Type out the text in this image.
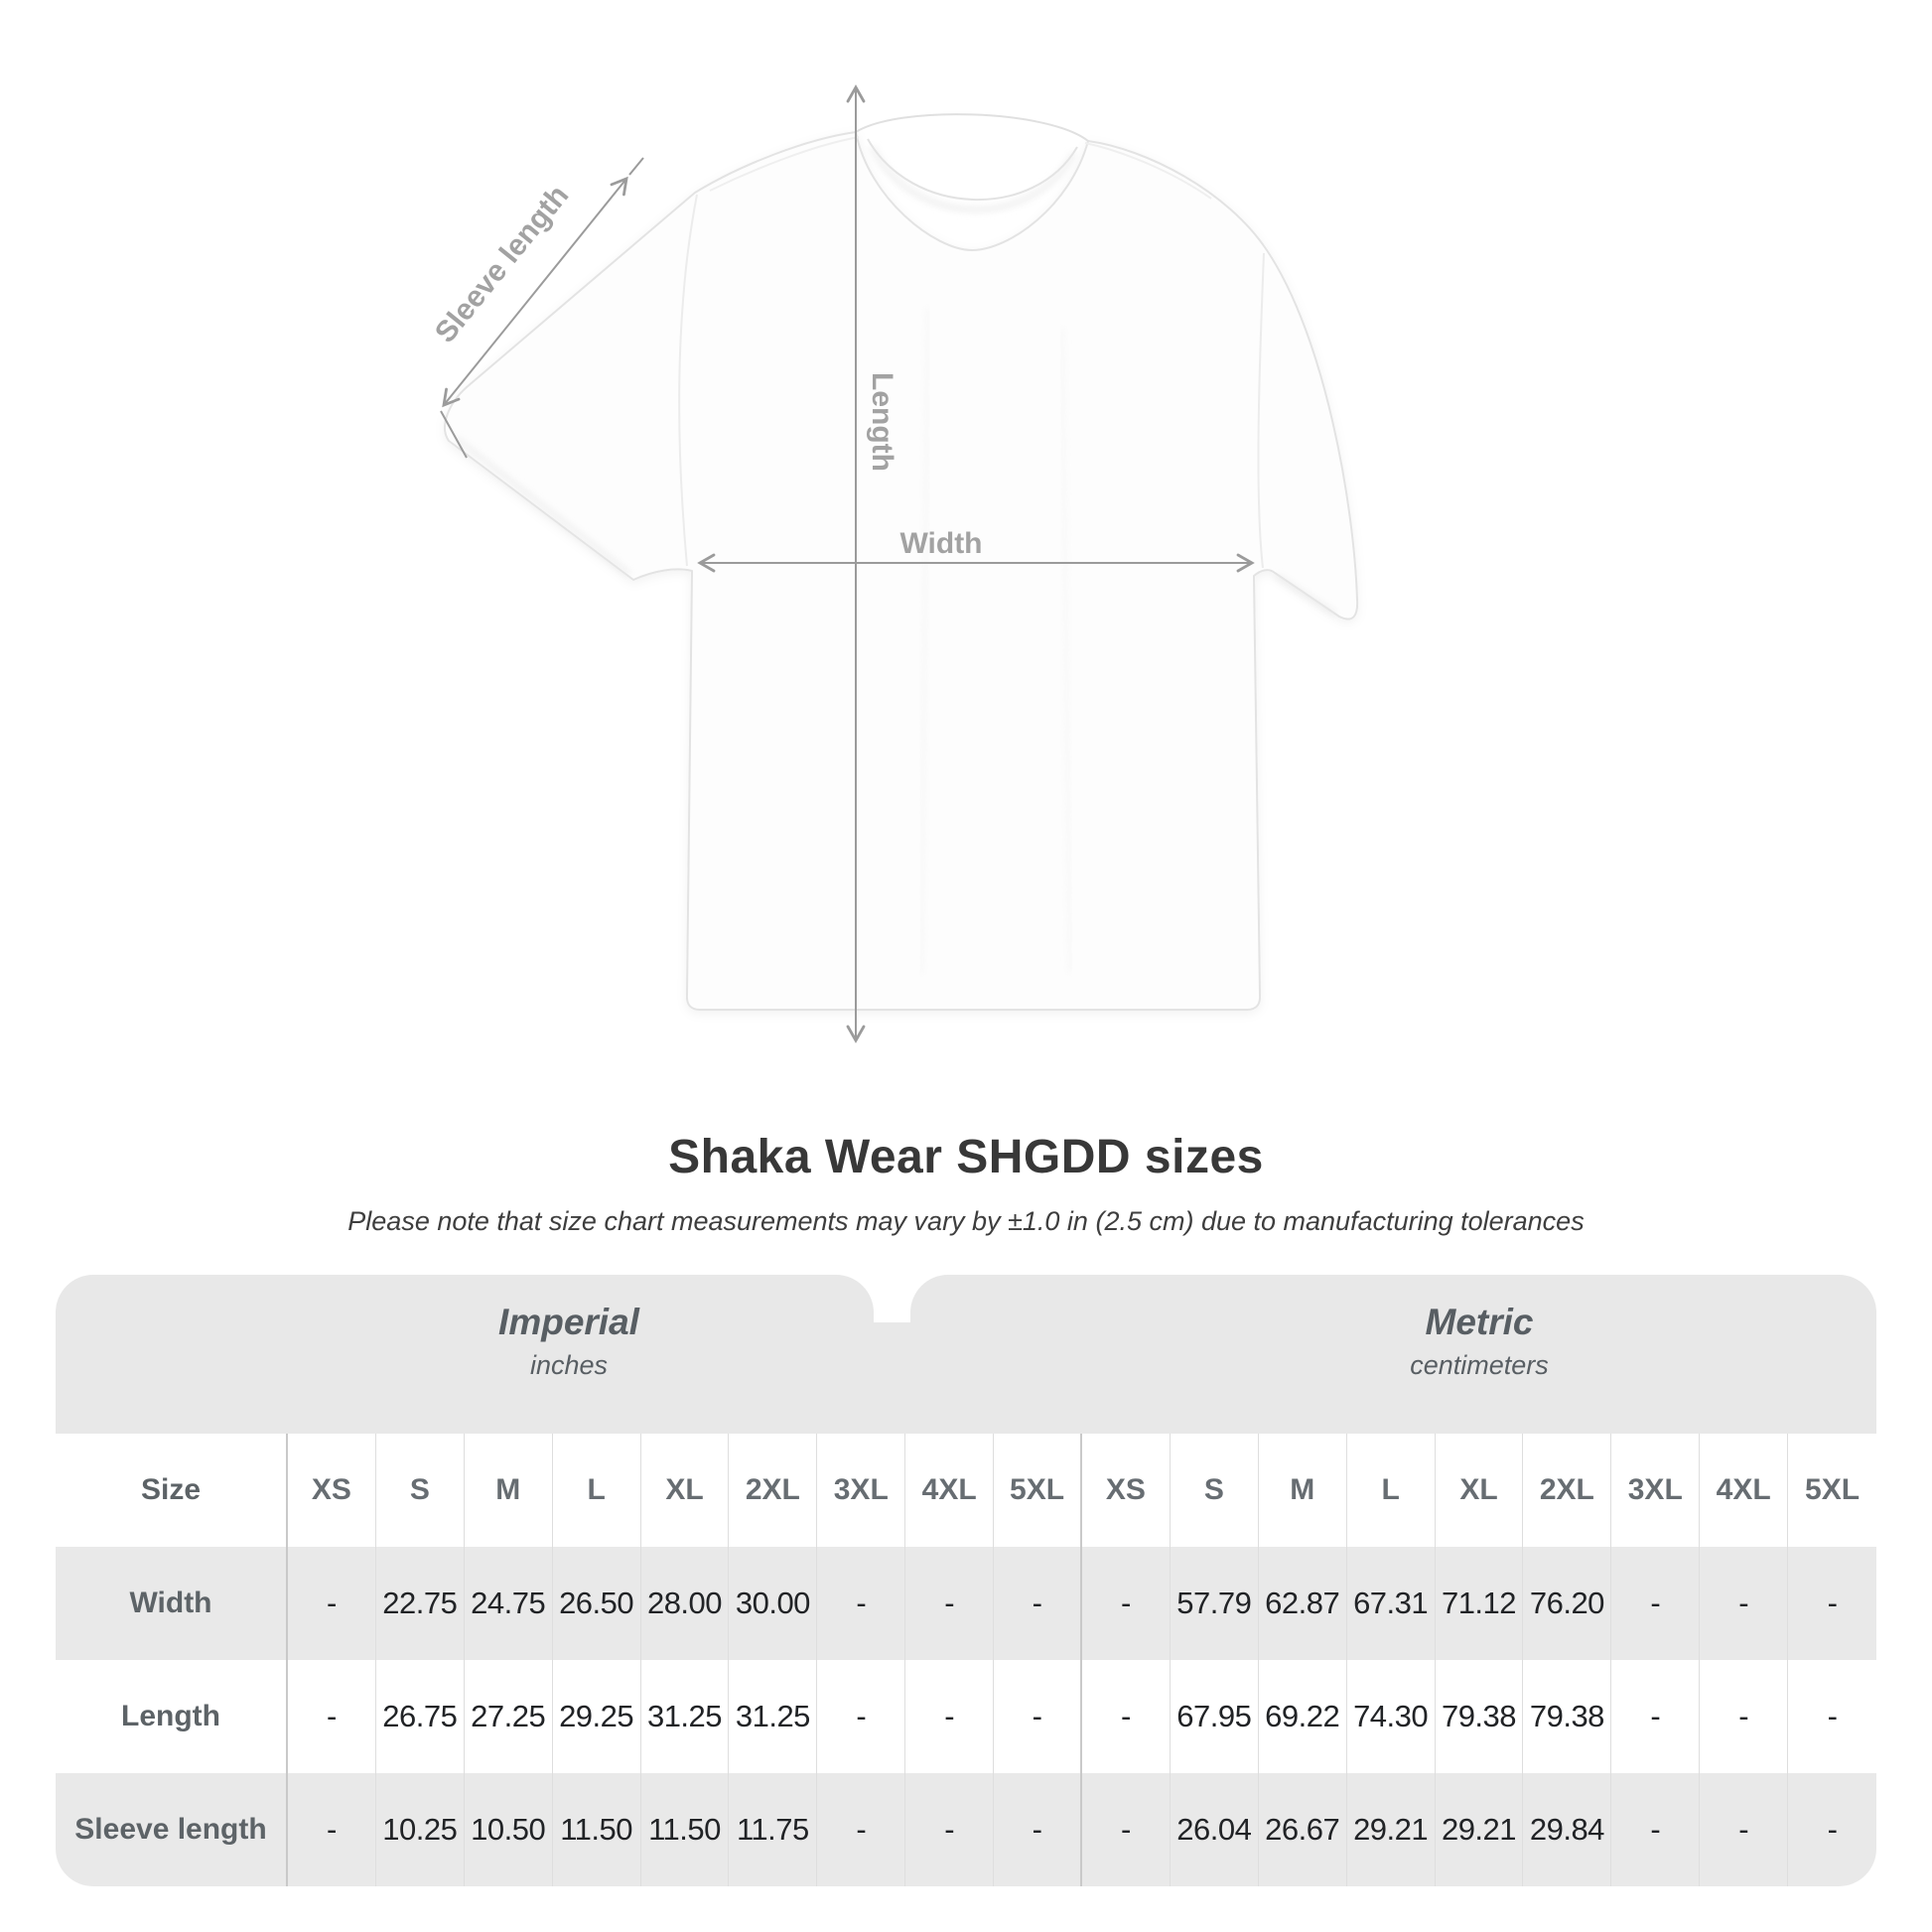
Sleeve length
Length
Width
Shaka Wear SHGDD sizes
Please note that size chart measurements may vary by ±1.0 in (2.5 cm) due to manufacturing tolerances
Imperial
inches
Metric
centimeters
Size	XS	S	M	L	XL	2XL	3XL	4XL	5XL	XS	S	M	L	XL	2XL	3XL	4XL	5XL
Width	-	22.75 24.75 26.50 28.00 30.00	-	-	-	-	57.79 62.87 67.31 71.12 76.20	-	-	-
Length	-	26.75 27.25 29.25 31.25 31.25	-	-	-	-	67.95 69.22 74.30 79.38 79.38	-	-	-
Sleeve length	-	10.25 10.50 11.50 11.50 11.75	-	-	-	-	26.04 26.67 29.21 29.21 29.84	-	-	-
